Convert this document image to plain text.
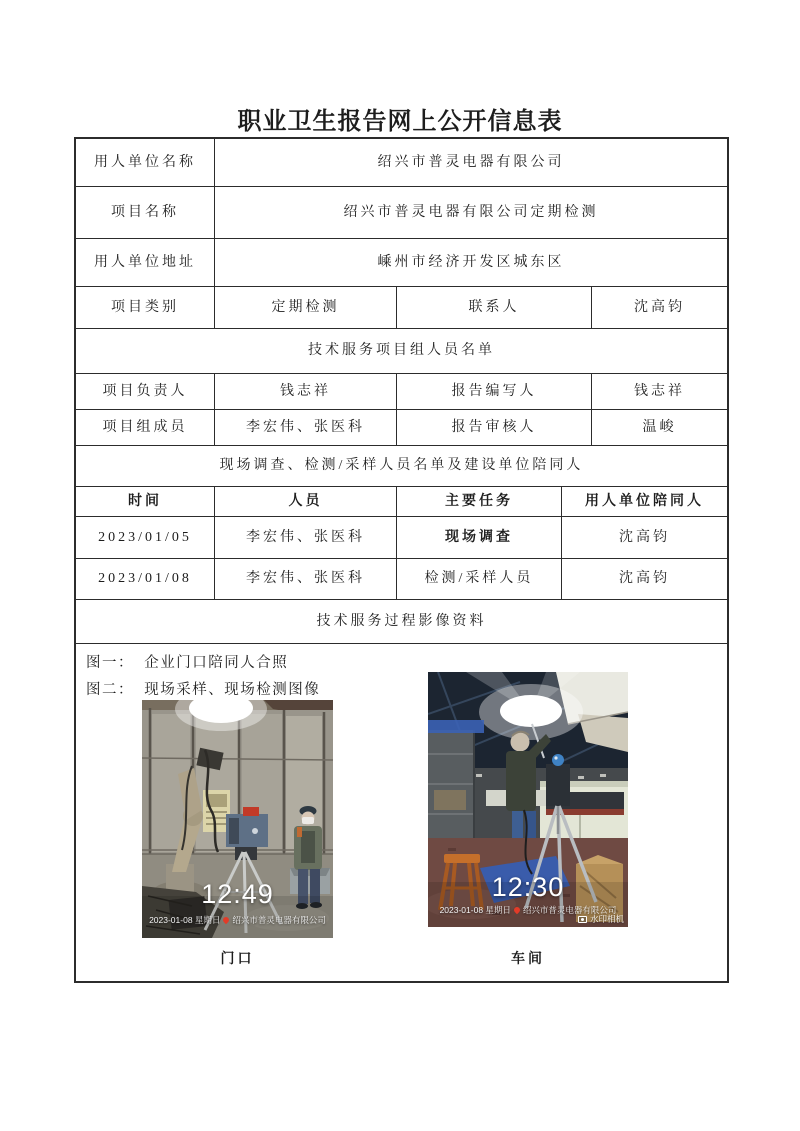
职业卫生报告网上公开信息表
用人单位名称	绍兴市普灵电器有限公司
项目名称	绍兴市普灵电器有限公司定期检测
用人单位地址	嵊州市经济开发区城东区
项目类别	定期检测	联系人	沈高钧
技术服务项目组人员名单
项目负责人	钱志祥	报告编写人	钱志祥
项目组成员	李宏伟、张医科	报告审核人	温峻
现场调查、检测/采样人员名单及建设单位陪同人
时间	人员	主要任务	用人单位陪同人
2023/01/05	李宏伟、张医科	现场调查	沈高钧
2023/01/08	李宏伟、张医科	检测/采样人员	沈高钧
技术服务过程影像资料
图一：  企业门口陪同人合照
图二：  现场采样、现场检测图像
12:49
2023-01-08 星期日 绍兴市普灵电器有限公司
12:30
2023-01-08 星期日 绍兴市普灵电器有限公司
水印相机
门口	车间
